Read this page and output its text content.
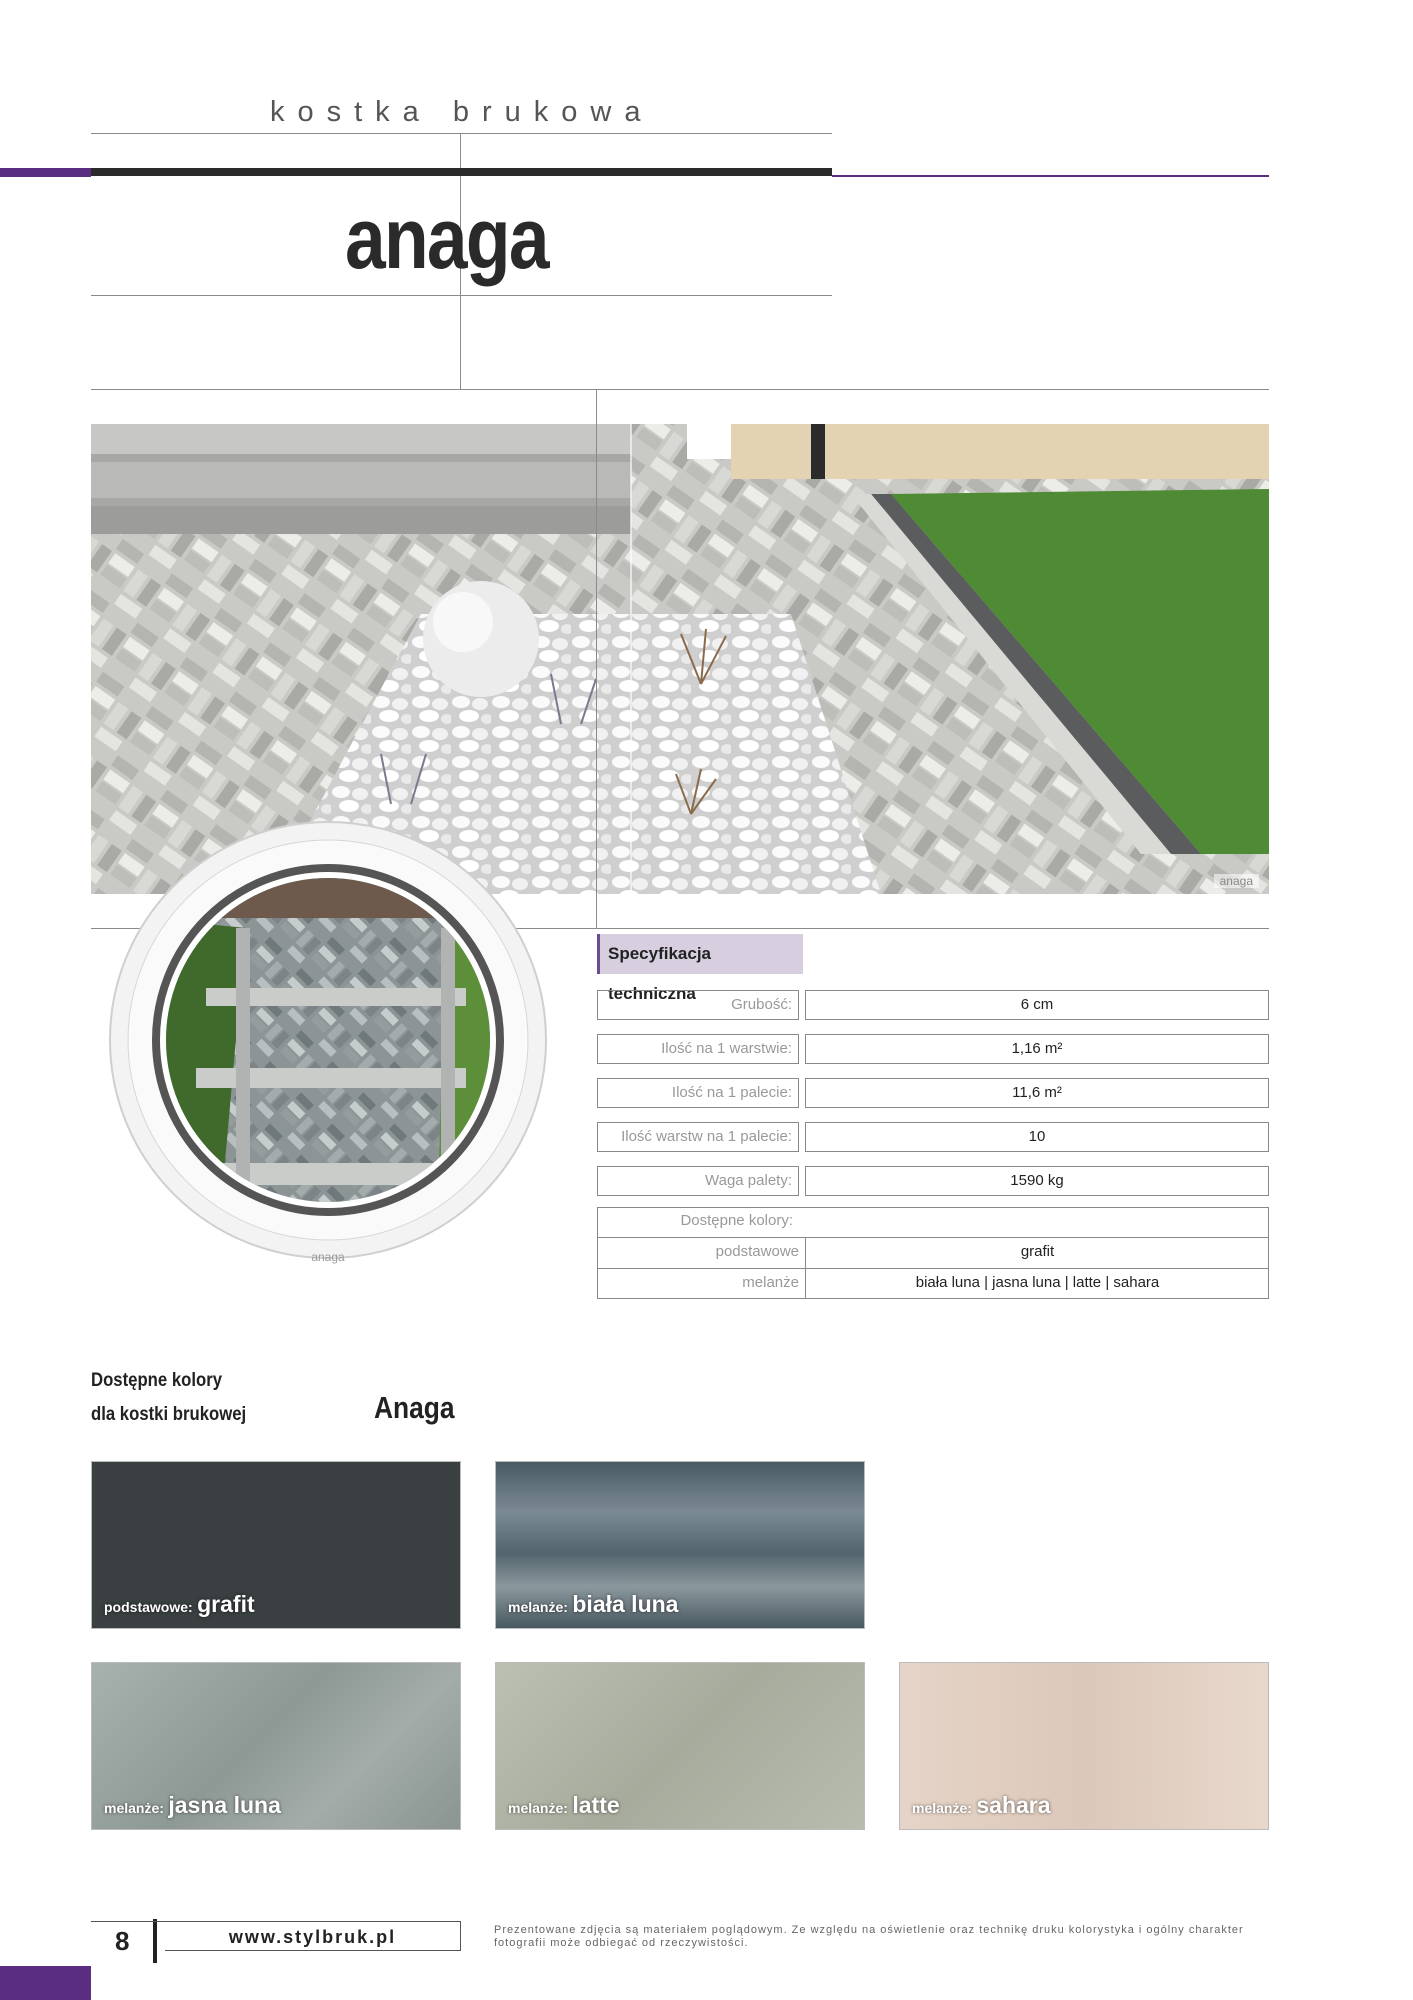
kostka brukowa
anaga
anaga
anaga
Specyfikacja techniczna
Grubość:	6 cm
Ilość na 1 warstwie:	1,16 m²
Ilość na 1 palecie:	11,6 m²
Ilość warstw na 1 palecie:	10
Waga palety:	1590 kg
Dostępne kolory:
podstawowe	grafit
melanże	biała luna | jasna luna | latte | sahara
Dostępne kolory
dla kostki brukowej	Anaga
podstawowe: grafit	melanże: biała luna
melanże: jasna luna	melanże: latte	melanże: sahara
8	www.stylbruk.pl	Prezentowane zdjęcia są materiałem poglądowym. Ze względu na oświetlenie oraz technikę druku kolorystyka i ogólny charakter fotografii może odbiegać od rzeczywistości.
